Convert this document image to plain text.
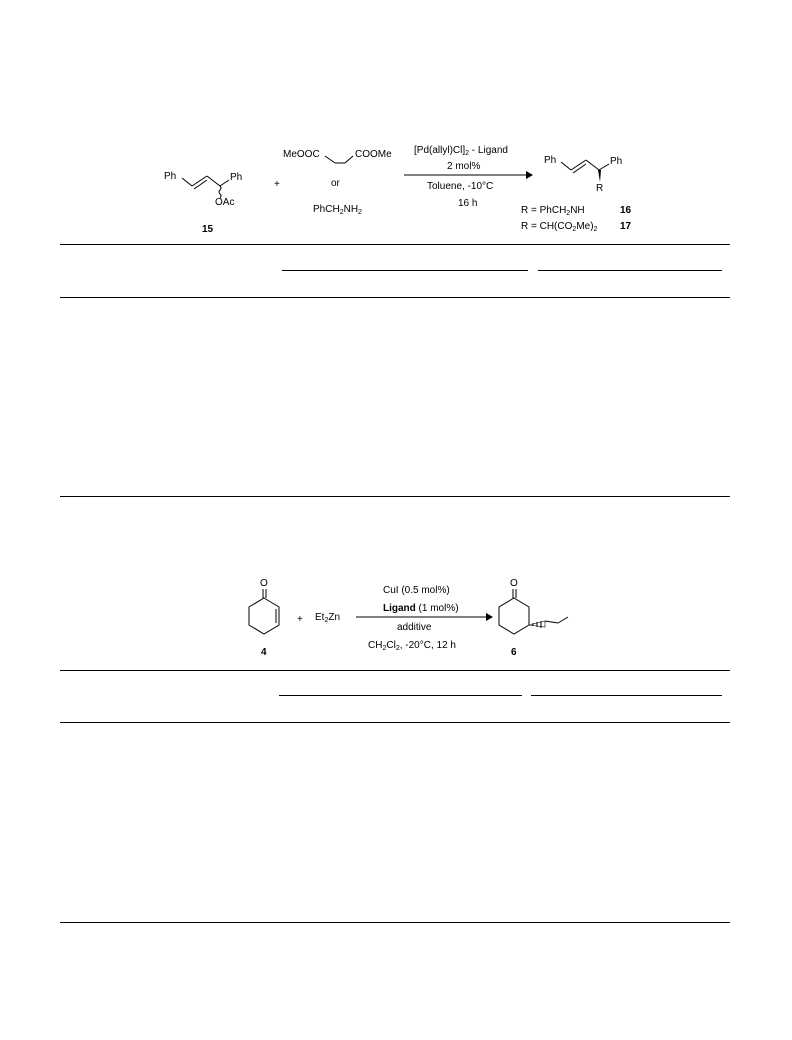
Ph	Ph
OAc
15
+
MeOOC	COOMe
or
$PhCH_2NH_2$
$[Pd(allyl)Cl]_2$ - Ligand
2 mol%
Toluene, -10°C
16 h
Ph	Ph
R
R = PhCH$_2$NH	16
$R = CH(CO_2Me)_2$ 17
O
4
+ $Et_2Zn$
CuI (0.5 mol%)
Ligand (1 mol%)
additive
$CH_2Cl_2$, -20°C, 12 h
O
6
